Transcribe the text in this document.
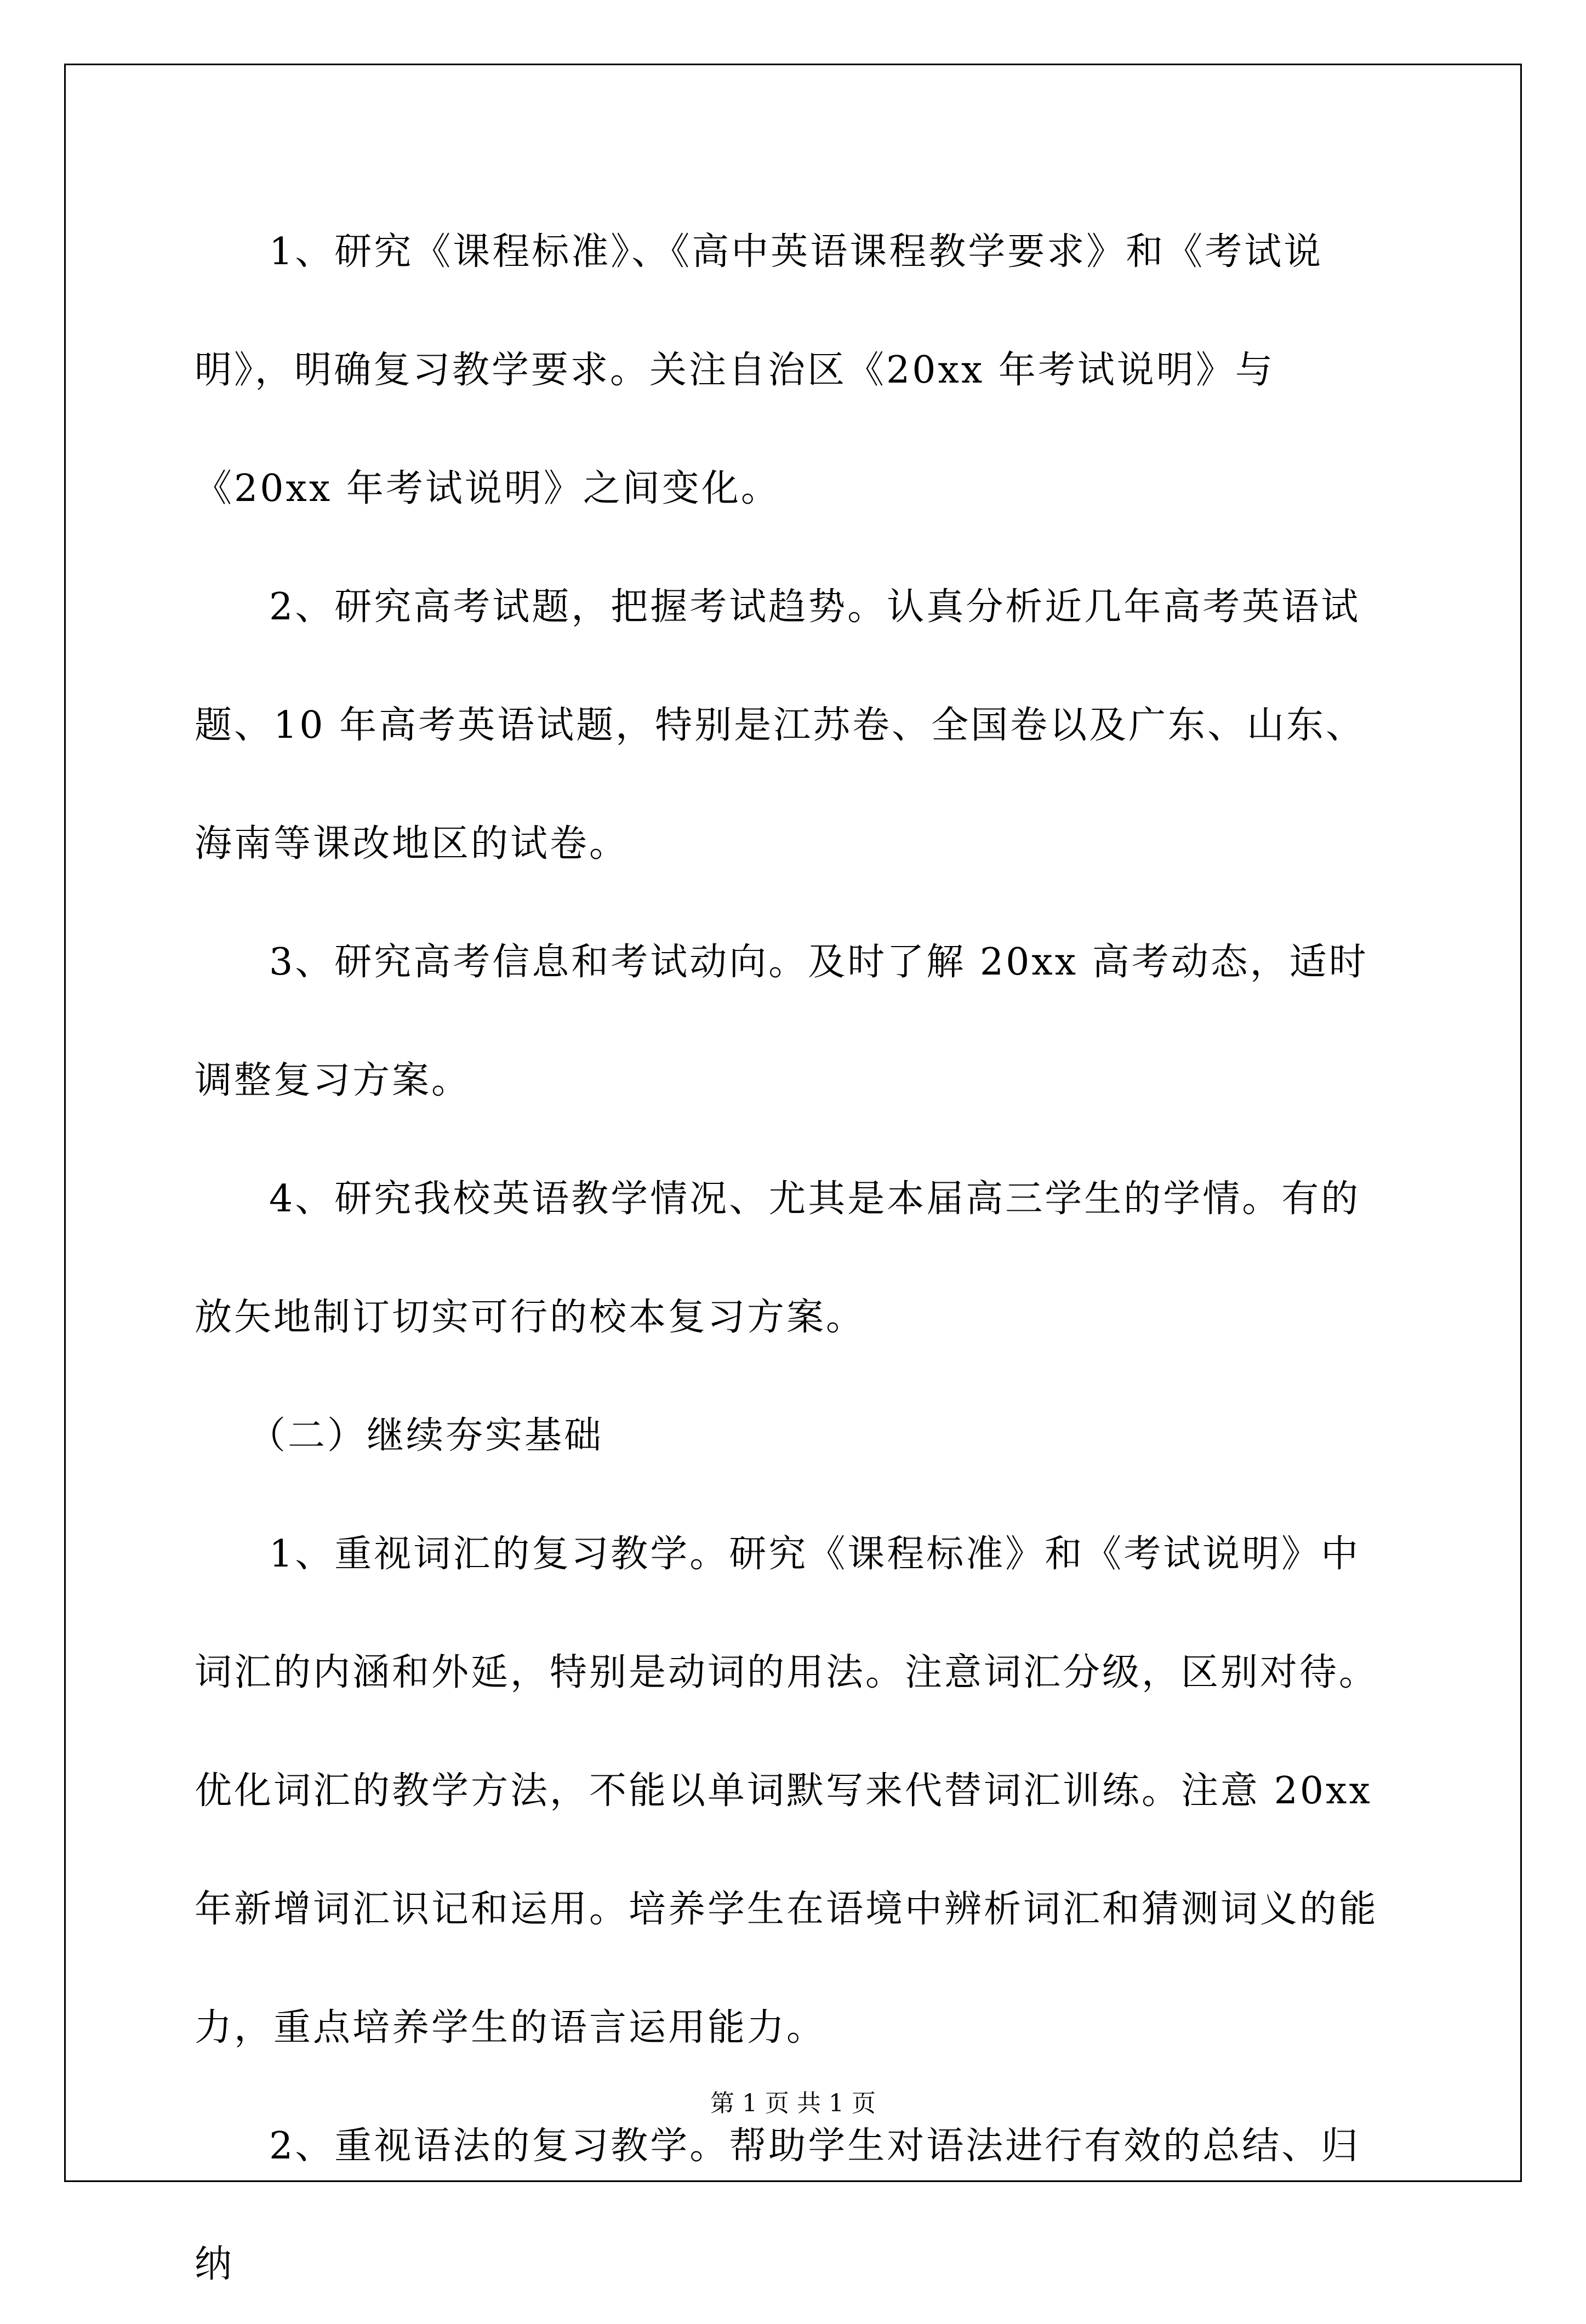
1、研究《课程标准》、《高中英语课程教学要求》和《考试说明》，明确复习教学要求。关注自治区《20xx 年考试说明》与《20xx 年考试说明》之间变化。

2、研究高考试题，把握考试趋势。认真分析近几年高考英语试题、10 年高考英语试题，特别是江苏卷、全国卷以及广东、山东、海南等课改地区的试卷。

3、研究高考信息和考试动向。及时了解 20xx 高考动态，适时调整复习方案。

4、研究我校英语教学情况、尤其是本届高三学生的学情。有的放矢地制订切实可行的校本复习方案。

（二）继续夯实基础

1、重视词汇的复习教学。研究《课程标准》和《考试说明》中词汇的内涵和外延，特别是动词的用法。注意词汇分级，区别对待。优化词汇的教学方法，不能以单词默写来代替词汇训练。注意 20xx 年新增词汇识记和运用。培养学生在语境中辨析词汇和猜测词义的能力，重点培养学生的语言运用能力。

2、重视语法的复习教学。帮助学生对语法进行有效的总结、归纳

第 1 页 共 1 页
